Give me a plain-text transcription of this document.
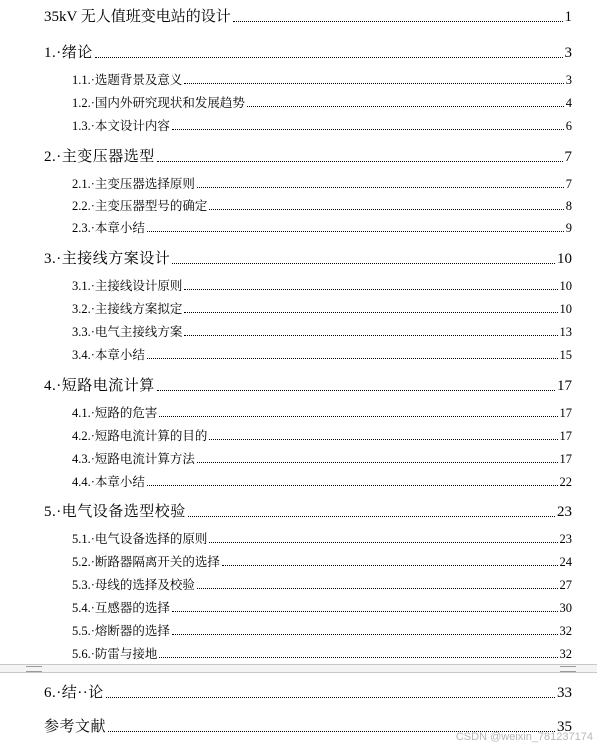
35kV 无人值班变电站的设计	1
1.·绪论	3
1.1.·选题背景及意义	3
1.2.·国内外研究现状和发展趋势	4
1.3.·本文设计内容	6
2.·主变压器选型	7
2.1.·主变压器选择原则	7
2.2.·主变压器型号的确定	8
2.3.·本章小结	9
3.·主接线方案设计	10
3.1.·主接线设计原则	10
3.2.·主接线方案拟定	10
3.3.·电气主接线方案	13
3.4.·本章小结	15
4.·短路电流计算	17
4.1.·短路的危害	17
4.2.·短路电流计算的目的	17
4.3.·短路电流计算方法	17
4.4.·本章小结	22
5.·电气设备选型校验	23
5.1.·电气设备选择的原则	23
5.2.·断路器隔离开关的选择	24
5.3.·母线的选择及校验	27
5.4.·互感器的选择	30
5.5.·熔断器的选择	32
5.6.·防雷与接地	32
6.·结··论	33
参考文献	35
CSDN @weixin_781237174
